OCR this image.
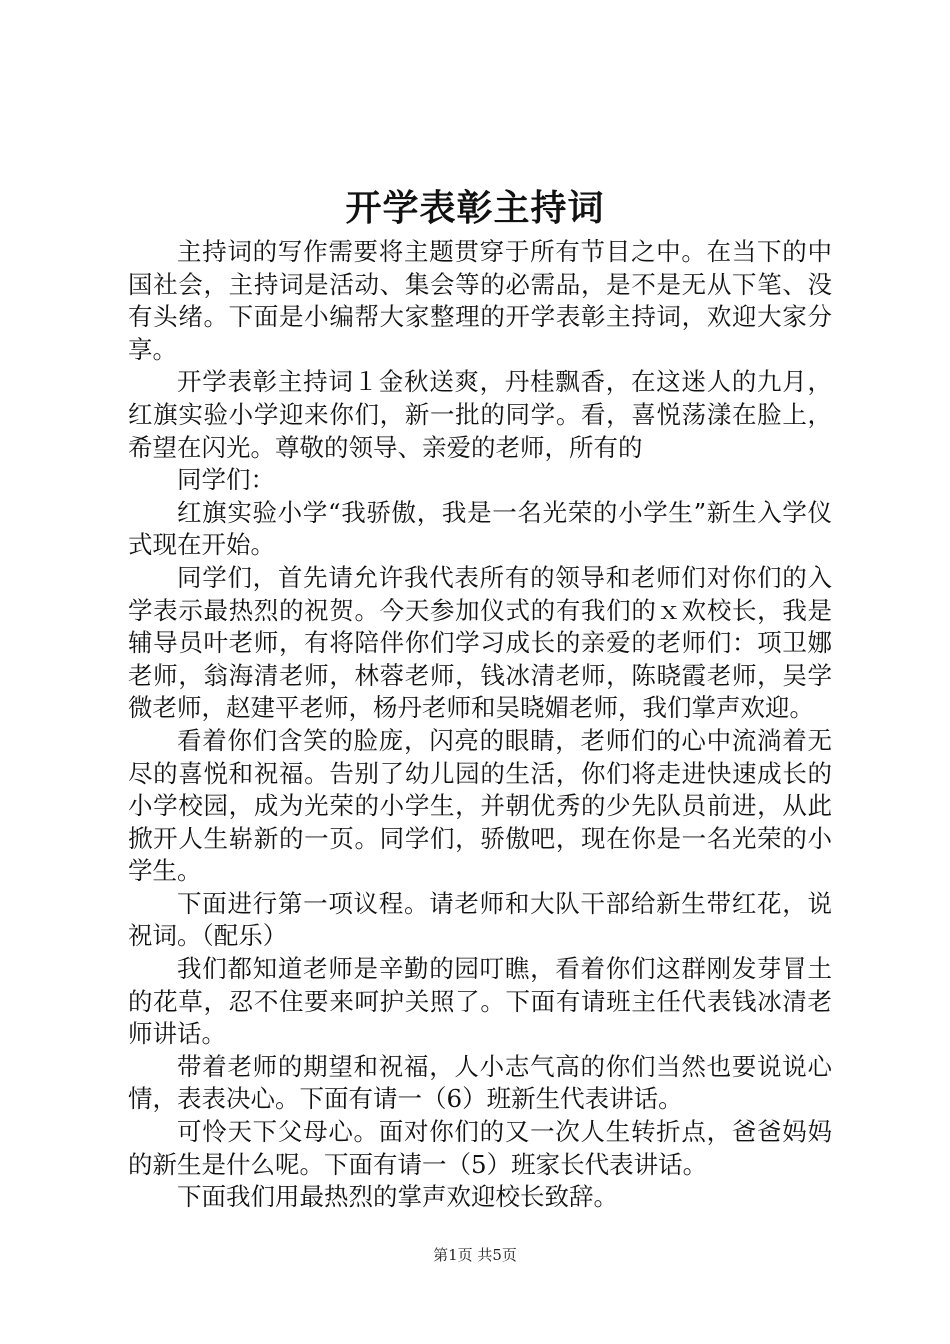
开学表彰主持词

主持词的写作需要将主题贯穿于所有节目之中。在当下的中国社会，主持词是活动、集会等的必需品，是不是无从下笔、没有头绪。下面是小编帮大家整理的开学表彰主持词，欢迎大家分享。

开学表彰主持词１金秋送爽，丹桂飘香，在这迷人的九月，红旗实验小学迎来你们，新一批的同学。看，喜悦荡漾在脸上，希望在闪光。尊敬的领导、亲爱的老师，所有的

同学们：

红旗实验小学“我骄傲，我是一名光荣的小学生”新生入学仪式现在开始。

同学们，首先请允许我代表所有的领导和老师们对你们的入学表示最热烈的祝贺。今天参加仪式的有我们的ｘ欢校长，我是辅导员叶老师，有将陪伴你们学习成长的亲爱的老师们：项卫娜老师，翁海清老师，林蓉老师，钱冰清老师，陈晓霞老师，吴学微老师，赵建平老师，杨丹老师和吴晓媚老师，我们掌声欢迎。

看着你们含笑的脸庞，闪亮的眼睛，老师们的心中流淌着无尽的喜悦和祝福。告别了幼儿园的生活，你们将走进快速成长的小学校园，成为光荣的小学生，并朝优秀的少先队员前进，从此掀开人生崭新的一页。同学们，骄傲吧，现在你是一名光荣的小学生。

下面进行第一项议程。请老师和大队干部给新生带红花，说祝词。（配乐）

我们都知道老师是辛勤的园叮瞧，看着你们这群刚发芽冒土的花草，忍不住要来呵护关照了。下面有请班主任代表钱冰清老师讲话。

带着老师的期望和祝福，人小志气高的你们当然也要说说心情，表表决心。下面有请一（6）班新生代表讲话。

可怜天下父母心。面对你们的又一次人生转折点，爸爸妈妈的新生是什么呢。下面有请一（5）班家长代表讲话。

下面我们用最热烈的掌声欢迎校长致辞。

第1页 共5页
